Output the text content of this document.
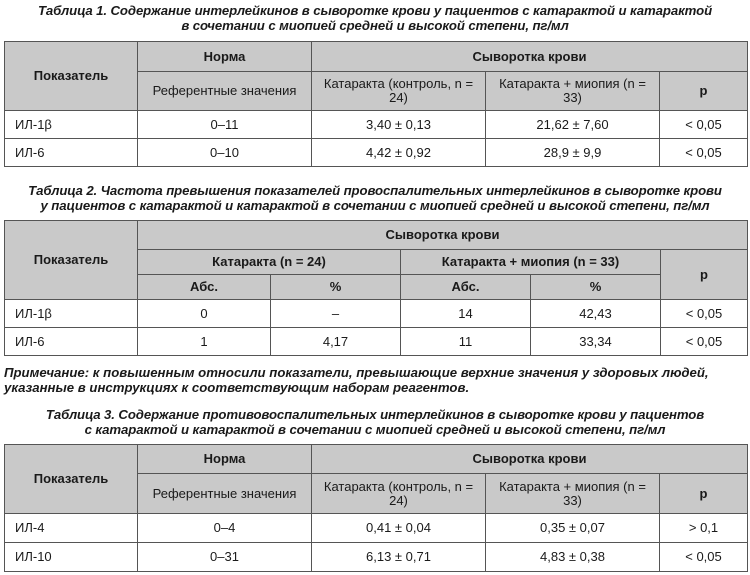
Таблица 1. Содержание интерлейкинов в сыворотке крови у пациентов с катарактой и катарактой
в сочетании с миопией средней и высокой степени, пг/мл
Показатель	Норма	Сыворотка крови		
	Референтные значения	Катаракта (контроль, n = 24)	Катаракта + миопия (n = 33)	р
ИЛ-1β	0–11	3,40 ± 0,13	21,62 ± 7,60	< 0,05
ИЛ-6	0–10	4,42 ± 0,92	28,9 ± 9,9	< 0,05
Таблица 2. Частота превышения показателей провоспалительных интерлейкинов в сыворотке крови
у пациентов с катарактой и катарактой в сочетании с миопией средней и высокой степени, пг/мл
Показатель	Сыворотка крови				
	Катаракта (n = 24)		Катаракта + миопия (n = 33)		р
	Абс.	%	Абс.	%	
ИЛ-1β	0	–	14	42,43	< 0,05
ИЛ-6	1	4,17	11	33,34	< 0,05
Примечание: к повышенным относили показатели, превышающие верхние значения у здоровых людей,
указанные в инструкциях к соответствующим наборам реагентов.
Таблица 3. Содержание противовоспалительных интерлейкинов в сыворотке крови у пациентов
с катарактой и катарактой в сочетании с миопией средней и высокой степени, пг/мл
Показатель	Норма	Сыворотка крови		
	Референтные значения	Катаракта (контроль, n = 24)	Катаракта + миопия (n = 33)	р
ИЛ-4	0–4	0,41 ± 0,04	0,35 ± 0,07	> 0,1
ИЛ-10	0–31	6,13 ± 0,71	4,83 ± 0,38	< 0,05
